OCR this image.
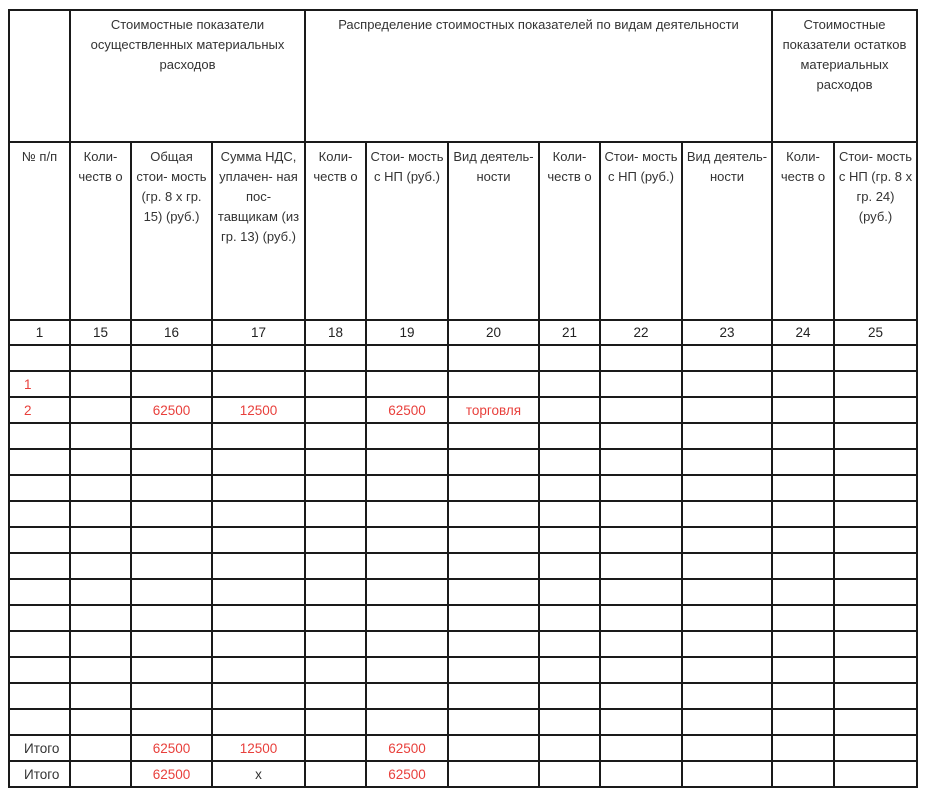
	Стоимостные показатели осуществленных материальных расходов			Распределение стоимостных показателей по видам деятельности						Стоимостные показатели остатков материальных расходов	
№ п/п	Коли- честв о	Общая стои- мость (гр. 8 x гр. 15) (руб.)	Сумма НДС, уплачен- ная пос- тавщикам (из гр. 13) (руб.)	Коли- честв о	Стои- мость с НП (руб.)	Вид деятель- ности	Коли- честв о	Стои- мость с НП (руб.)	Вид деятель- ности	Коли- честв о	Стои- мость с НП (гр. 8 x гр. 24) (руб.)
1	15	16	17	18	19	20	21	22	23	24	25

1											
2		62500	12500		62500	торговля					

Итого		62500	12500		62500						
Итого		62500	x		62500						
